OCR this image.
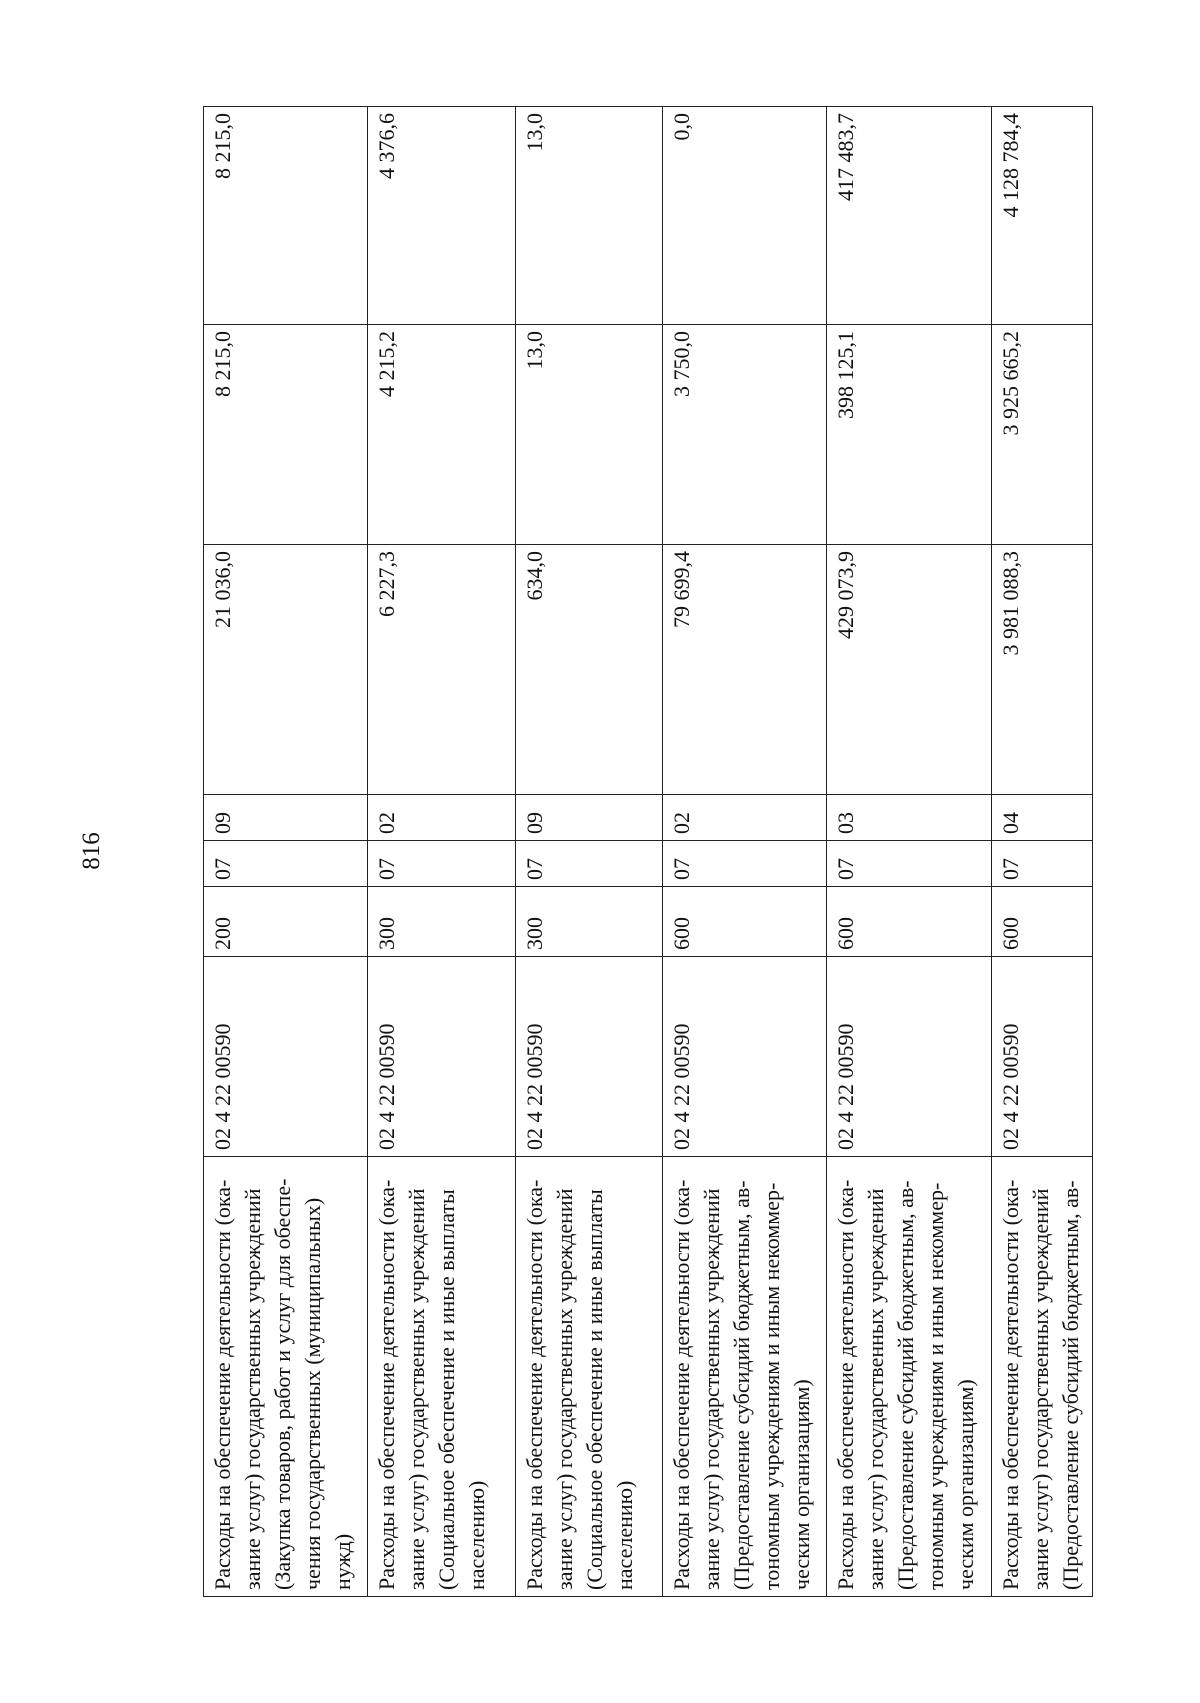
816
Расходы на обеспечение деятельности (ока-зание услуг) государственных учреждений (Закупка товаров, работ и услуг для обеспе-чения государственных (муниципальных) нужд)	02 4 22 00590	200	07	09	21 036,0	8 215,0	8 215,0
Расходы на обеспечение деятельности (ока-зание услуг) государственных учреждений (Социальное обеспечение и иные выплаты населению)	02 4 22 00590	300	07	02	6 227,3	4 215,2	4 376,6
Расходы на обеспечение деятельности (ока-зание услуг) государственных учреждений (Социальное обеспечение и иные выплаты населению)	02 4 22 00590	300	07	09	634,0	13,0	13,0
Расходы на обеспечение деятельности (ока-зание услуг) государственных учреждений (Предоставление субсидий бюджетным, ав-тономным учреждениям и иным некоммер-ческим организациям)	02 4 22 00590	600	07	02	79 699,4	3 750,0	0,0
Расходы на обеспечение деятельности (ока-зание услуг) государственных учреждений (Предоставление субсидий бюджетным, ав-тономным учреждениям и иным некоммер-ческим организациям)	02 4 22 00590	600	07	03	429 073,9	398 125,1	417 483,7
Расходы на обеспечение деятельности (ока-зание услуг) государственных учреждений (Предоставление субсидий бюджетным, ав-	02 4 22 00590	600	07	04	3 981 088,3	3 925 665,2	4 128 784,4
